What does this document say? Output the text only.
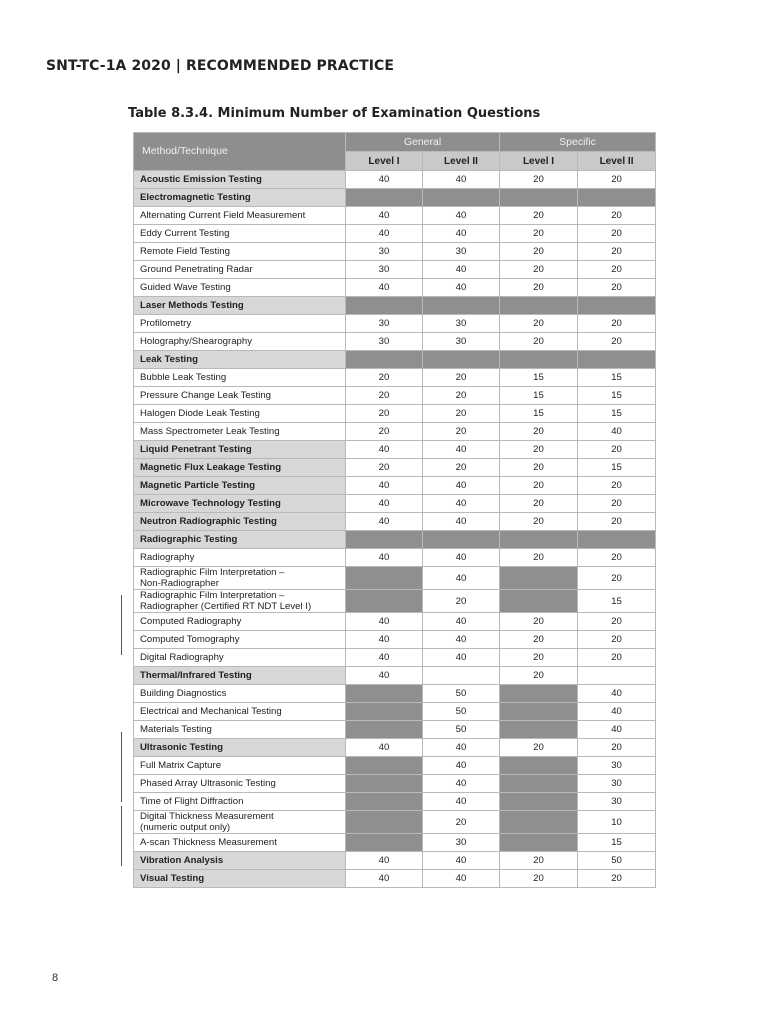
SNT-TC-1A 2020 | RECOMMENDED PRACTICE
Table 8.3.4. Minimum Number of Examination Questions
Method/Technique	General		Specific	
	Level I	Level II	Level I	Level II
Acoustic Emission Testing	40	40	20	20
Electromagnetic Testing				
Alternating Current Field Measurement	40	40	20	20
Eddy Current Testing	40	40	20	20
Remote Field Testing	30	30	20	20
Ground Penetrating Radar	30	40	20	20
Guided Wave Testing	40	40	20	20
Laser Methods Testing				
Profilometry	30	30	20	20
Holography/Shearography	30	30	20	20
Leak Testing				
Bubble Leak Testing	20	20	15	15
Pressure Change Leak Testing	20	20	15	15
Halogen Diode Leak Testing	20	20	15	15
Mass Spectrometer Leak Testing	20	20	20	40
Liquid Penetrant Testing	40	40	20	20
Magnetic Flux Leakage Testing	20	20	20	15
Magnetic Particle Testing	40	40	20	20
Microwave Technology Testing	40	40	20	20
Neutron Radiographic Testing	40	40	20	20
Radiographic Testing				
Radiography	40	40	20	20
Radiographic Film Interpretation –
Non-Radiographer		40		20
Radiographic Film Interpretation –
Radiographer (Certified RT NDT Level I)		20		15
Computed Radiography	40	40	20	20
Computed Tomography	40	40	20	20
Digital Radiography	40	40	20	20
Thermal/Infrared Testing	40		20	
Building Diagnostics		50		40
Electrical and Mechanical Testing		50		40
Materials Testing		50		40
Ultrasonic Testing	40	40	20	20
Full Matrix Capture		40		30
Phased Array Ultrasonic Testing		40		30
Time of Flight Diffraction		40		30
Digital Thickness Measurement
(numeric output only)		20		10
A-scan Thickness Measurement		30		15
Vibration Analysis	40	40	20	50
Visual Testing	40	40	20	20
8
